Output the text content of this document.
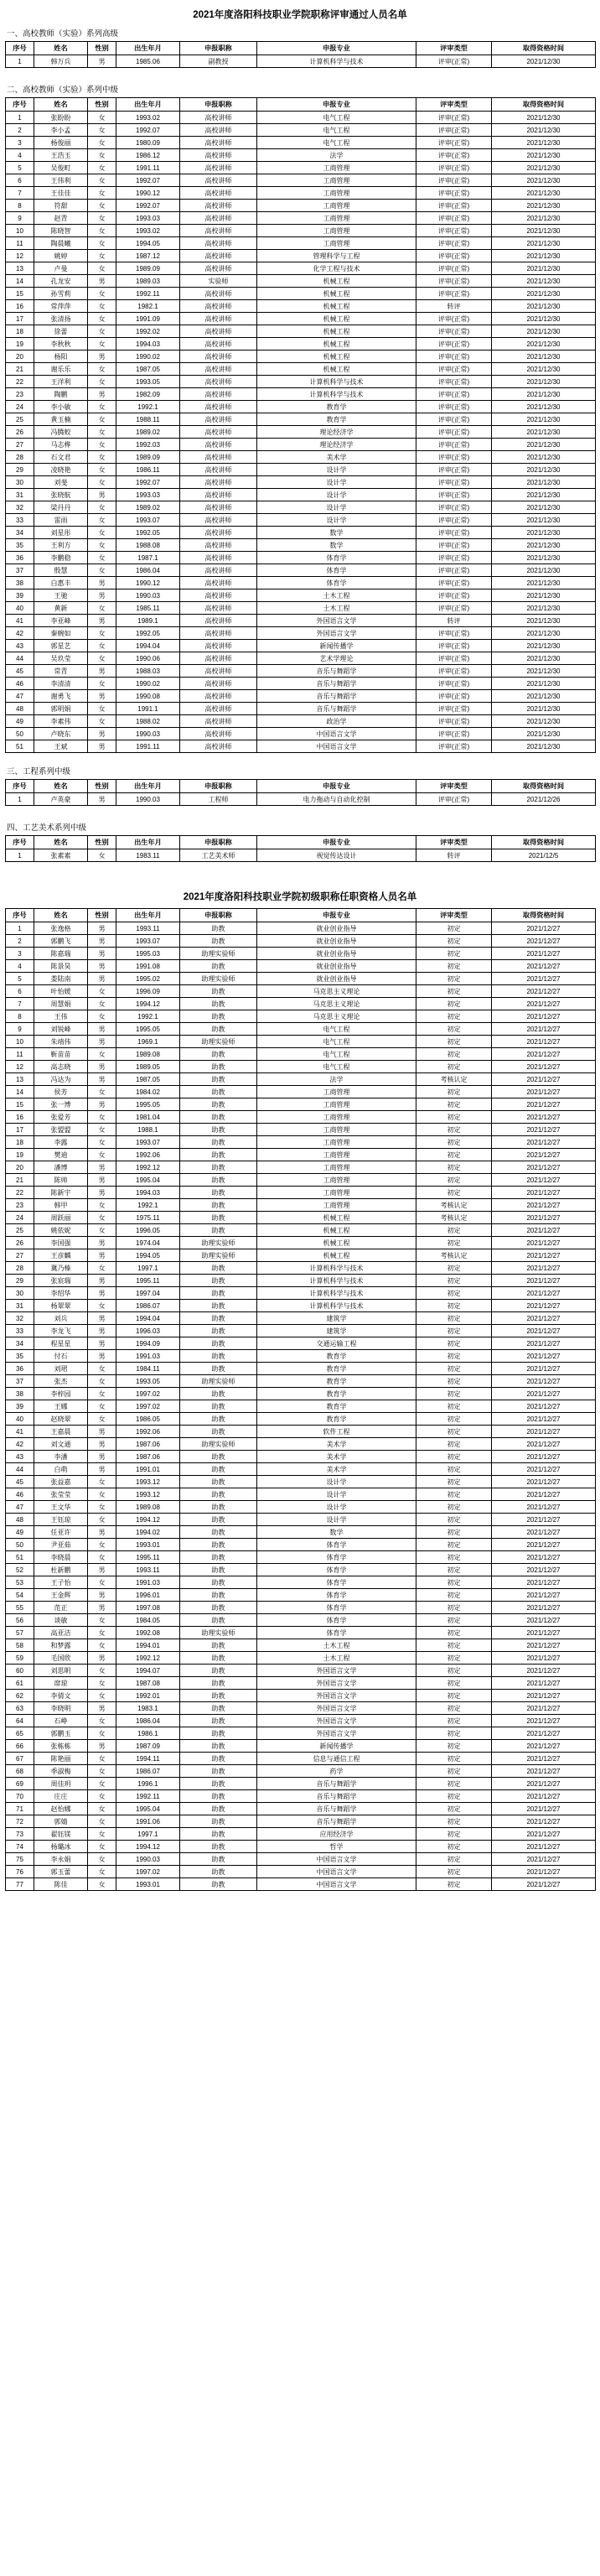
2021年度洛阳科技职业学院职称评审通过人员名单
一、高校教师（实验）系列高级
序号	姓名	性别	出生年月	申报职称	申报专业	评审类型	取得资格时间
1	韩万兵	男	1985.06	副教授	计算机科学与技术	评审(正常)	2021/12/30
二、高校教师（实验）系列中级
序号	姓名	性别	出生年月	申报职称	申报专业	评审类型	取得资格时间
1	张盼盼	女	1993.02	高校讲师	电气工程	评审(正常)	2021/12/30
2	李小孟	女	1992.07	高校讲师	电气工程	评审(正常)	2021/12/30
3	杨俊丽	女	1980.09	高校讲师	电气工程	评审(正常)	2021/12/30
4	王浩玉	女	1986.12	高校讲师	法学	评审(正常)	2021/12/30
5	吴俊町	女	1991.11	高校讲师	工商管理	评审(正常)	2021/12/30
6	王伟利	女	1992.07	高校讲师	工商管理	评审(正常)	2021/12/30
7	王佳佳	女	1990.12	高校讲师	工商管理	评审(正常)	2021/12/30
8	符甜	女	1992.07	高校讲师	工商管理	评审(正常)	2021/12/30
9	赵青	女	1993.03	高校讲师	工商管理	评审(正常)	2021/12/30
10	陈晓智	女	1993.02	高校讲师	工商管理	评审(正常)	2021/12/30
11	陶晨曦	女	1994.05	高校讲师	工商管理	评审(正常)	2021/12/30
12	姚婷	女	1987.12	高校讲师	管理科学与工程	评审(正常)	2021/12/30
13	卢曼	女	1989.09	高校讲师	化学工程与技术	评审(正常)	2021/12/30
14	孔龙安	男	1989.03	实验师	机械工程	评审(正常)	2021/12/30
15	孙雪莉	女	1992.11	高校讲师	机械工程	评审(正常)	2021/12/30
16	常萍萍	女	1982.1	高校讲师	机械工程	转评	2021/12/30
17	张清扬	女	1991.09	高校讲师	机械工程	评审(正常)	2021/12/30
18	徐蕾	女	1992.02	高校讲师	机械工程	评审(正常)	2021/12/30
19	李秋秋	女	1994.03	高校讲师	机械工程	评审(正常)	2021/12/30
20	杨阳	男	1990.02	高校讲师	机械工程	评审(正常)	2021/12/30
21	谢乐乐	女	1987.05	高校讲师	机械工程	评审(正常)	2021/12/30
22	王洋利	女	1993.05	高校讲师	计算机科学与技术	评审(正常)	2021/12/30
23	陶鹏	男	1982.09	高校讲师	计算机科学与技术	评审(正常)	2021/12/30
24	李小敏	女	1992.1	高校讲师	教育学	评审(正常)	2021/12/30
25	黄玉楠	女	1988.11	高校讲师	教育学	评审(正常)	2021/12/30
26	冯腾蛟	女	1989.02	高校讲师	理论经济学	评审(正常)	2021/12/30
27	马志桦	女	1992.03	高校讲师	理论经济学	评审(正常)	2021/12/30
28	石文君	女	1989.09	高校讲师	美术学	评审(正常)	2021/12/30
29	凌晓艳	女	1986.11	高校讲师	设计学	评审(正常)	2021/12/30
30	刘斐	女	1992.07	高校讲师	设计学	评审(正常)	2021/12/30
31	张晓航	男	1993.03	高校讲师	设计学	评审(正常)	2021/12/30
32	梁丹丹	女	1989.02	高校讲师	设计学	评审(正常)	2021/12/30
33	雷雨	女	1993.07	高校讲师	设计学	评审(正常)	2021/12/30
34	刘星彤	女	1992.05	高校讲师	数学	评审(正常)	2021/12/30
35	王利方	女	1988.08	高校讲师	数学	评审(正常)	2021/12/30
36	李鹏稳	女	1987.1	高校讲师	体育学	评审(正常)	2021/12/30
37	殷慧	女	1986.04	高校讲师	体育学	评审(正常)	2021/12/30
38	白惠丰	男	1990.12	高校讲师	体育学	评审(正常)	2021/12/30
39	王驰	男	1990.03	高校讲师	土木工程	评审(正常)	2021/12/30
40	黄新	女	1985.11	高校讲师	土木工程	评审(正常)	2021/12/30
41	李亚峰	男	1989.1	高校讲师	外国语言文学	转评	2021/12/30
42	秦婉如	女	1992.05	高校讲师	外国语言文学	评审(正常)	2021/12/30
43	郭星艺	女	1994.04	高校讲师	新闻传播学	评审(正常)	2021/12/30
44	吴玖莹	女	1990.06	高校讲师	艺术学理论	评审(正常)	2021/12/30
45	常青	男	1988.03	高校讲师	音乐与舞蹈学	评审(正常)	2021/12/30
46	李清清	女	1990.02	高校讲师	音乐与舞蹈学	评审(正常)	2021/12/30
47	谢勇飞	男	1990.08	高校讲师	音乐与舞蹈学	评审(正常)	2021/12/30
48	郭明娟	女	1991.1	高校讲师	音乐与舞蹈学	评审(正常)	2021/12/30
49	李素伟	女	1988.02	高校讲师	政治学	评审(正常)	2021/12/30
50	卢晓东	男	1990.03	高校讲师	中国语言文学	评审(正常)	2021/12/30
51	王斌	男	1991.11	高校讲师	中国语言文学	评审(正常)	2021/12/30
三、工程系列中级
序号	姓名	性别	出生年月	申报职称	申报专业	评审类型	取得资格时间
1	卢英豪	男	1990.03	工程师	电力拖动与自动化控制	评审(正常)	2021/12/26
四、工艺美术系列中级
序号	姓名	性别	出生年月	申报职称	申报专业	评审类型	取得资格时间
1	张素素	女	1983.11	工艺美术师	视觉传达设计	转评	2021/12/5
2021年度洛阳科技职业学院初级职称任职资格人员名单
序号	姓名	性别	出生年月	申报职称	申报专业	评审类型	取得资格时间
1	张逸格	男	1993.11	助教	就业创业指导	初定	2021/12/27
2	郭鹏飞	男	1993.07	助教	就业创业指导	初定	2021/12/27
3	陈嘉瑞	男	1995.03	助理实验师	就业创业指导	初定	2021/12/27
4	陈景昊	男	1991.08	助教	就业创业指导	初定	2021/12/27
5	娄陆南	男	1995.02	助理实验师	就业创业指导	初定	2021/12/27
6	叶怡媛	女	1996.09	助教	马克思主义理论	初定	2021/12/27
7	周慧娟	女	1994.12	助教	马克思主义理论	初定	2021/12/27
8	王伟	女	1992.1	助教	马克思主义理论	初定	2021/12/27
9	刘锐峰	男	1995.05	助教	电气工程	初定	2021/12/27
10	朱靖伟	男	1969.1	助理实验师	电气工程	初定	2021/12/27
11	靳苗苗	女	1989.08	助教	电气工程	初定	2021/12/27
12	高志晓	男	1989.05	助教	电气工程	初定	2021/12/27
13	冯达为	男	1987.05	助教	法学	考核认定	2021/12/27
14	侯芳	女	1984.02	助教	工商管理	初定	2021/12/27
15	张一博	男	1995.05	助教	工商管理	初定	2021/12/27
16	张爱芳	女	1981.04	助教	工商管理	初定	2021/12/27
17	张盟盟	女	1988.1	助教	工商管理	初定	2021/12/27
18	李露	女	1993.07	助教	工商管理	初定	2021/12/27
19	樊迪	女	1992.06	助教	工商管理	初定	2021/12/27
20	潘博	男	1992.12	助教	工商管理	初定	2021/12/27
21	陈帅	男	1995.04	助教	工商管理	初定	2021/12/27
22	陈新宇	男	1994.03	助教	工商管理	初定	2021/12/27
23	韩甲	女	1992.1	助教	工商管理	考核认定	2021/12/27
24	周跃丽	女	1975.11	助教	机械工程	考核认定	2021/12/27
25	姚依妮	女	1996.05	助教	机械工程	初定	2021/12/27
26	李国强	男	1974.04	助理实验师	机械工程	初定	2021/12/27
27	王彦麟	男	1994.05	助理实验师	机械工程	考核认定	2021/12/27
28	冀乃榛	女	1997.1	助教	计算机科学与技术	初定	2021/12/27
29	张宸瑞	男	1995.11	助教	计算机科学与技术	初定	2021/12/27
30	李绍华	男	1997.04	助教	计算机科学与技术	初定	2021/12/27
31	杨翠翠	女	1986.07	助教	计算机科学与技术	初定	2021/12/27
32	刘兵	男	1994.04	助教	建筑学	初定	2021/12/27
33	李龙飞	男	1996.03	助教	建筑学	初定	2021/12/27
34	程星星	男	1994.09	助教	交通运输工程	初定	2021/12/27
35	付石	男	1991.03	助教	教育学	初定	2021/12/27
36	刘珺	女	1984.11	助教	教育学	初定	2021/12/27
37	张杰	女	1993.05	助理实验师	教育学	初定	2021/12/27
38	李梓园	女	1997.02	助教	教育学	初定	2021/12/27
39	王娜	女	1997.02	助教	教育学	初定	2021/12/27
40	赵晓翠	女	1986.05	助教	教育学	初定	2021/12/27
41	王嘉晨	男	1992.06	助教	软件工程	初定	2021/12/27
42	刘文通	男	1987.06	助理实验师	美术学	初定	2021/12/27
43	李潘	男	1987.06	助教	美术学	初定	2021/12/27
44	白萌	男	1991.01	助教	美术学	初定	2021/12/27
45	张益嘉	女	1993.12	助教	设计学	初定	2021/12/27
46	张莹莹	女	1993.12	助教	设计学	初定	2021/12/27
47	王文华	女	1989.08	助教	设计学	初定	2021/12/27
48	王钰琼	女	1994.12	助教	设计学	初定	2021/12/27
49	任亚许	男	1994.02	助教	数学	初定	2021/12/27
50	尹亚茹	女	1993.01	助教	体育学	初定	2021/12/27
51	李晓晨	女	1995.11	助教	体育学	初定	2021/12/27
52	杜新鹏	男	1993.11	助教	体育学	初定	2021/12/27
53	王子怡	女	1991.03	助教	体育学	初定	2021/12/27
54	王金辉	男	1996.01	助教	体育学	初定	2021/12/27
55	范正	男	1997.08	助教	体育学	初定	2021/12/27
56	谈敏	女	1984.05	助教	体育学	初定	2021/12/27
57	高亚洁	女	1992.08	助理实验师	体育学	初定	2021/12/27
58	和梦露	女	1994.01	助教	土木工程	初定	2021/12/27
59	毛国欣	男	1992.12	助教	土木工程	初定	2021/12/27
60	刘思眀	女	1994.07	助教	外国语言文学	初定	2021/12/27
61	席琼	女	1987.08	助教	外国语言文学	初定	2021/12/27
62	李倩文	女	1992.01	助教	外国语言文学	初定	2021/12/27
63	李晓明	男	1983.1	助教	外国语言文学	初定	2021/12/27
64	石峥	女	1986.04	助教	外国语言文学	初定	2021/12/27
65	郭鹏玉	女	1986.1	助教	外国语言文学	初定	2021/12/27
66	张栋栋	男	1987.09	助教	新闻传播学	初定	2021/12/27
67	陈艳丽	女	1994.11	助教	信息与通信工程	初定	2021/12/27
68	季淑梅	女	1986.07	助教	药学	初定	2021/12/27
69	周佳玥	女	1996.1	助教	音乐与舞蹈学	初定	2021/12/27
70	庄庄	女	1992.11	助教	音乐与舞蹈学	初定	2021/12/27
71	赵怡娜	女	1995.04	助教	音乐与舞蹈学	初定	2021/12/27
72	郭婧	女	1991.06	助教	音乐与舞蹈学	初定	2021/12/27
73	翟钰镁	女	1997.1	助教	应用经济学	初定	2021/12/27
74	杨璐冰	女	1994.12	助教	哲学	初定	2021/12/27
75	李永娟	女	1990.03	助教	中国语言文学	初定	2021/12/27
76	郭玉蕾	女	1997.02	助教	中国语言文学	初定	2021/12/27
77	陈佳	女	1993.01	助教	中国语言文学	初定	2021/12/27
